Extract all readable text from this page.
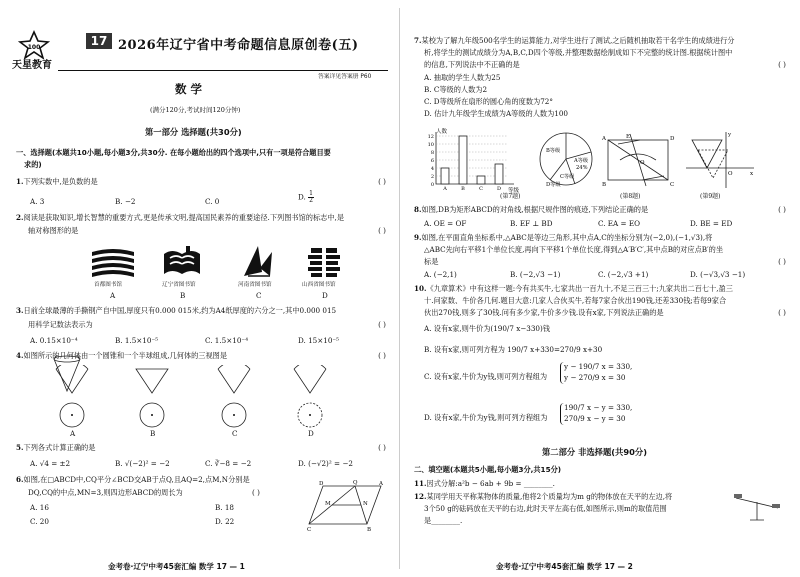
100
天星教育
17 2026年辽宁省中考命题信息原创卷(五)
答案详见答案册 P60
数 学
(满分120分,考试时间120分钟)
第一部分 选择题(共30分)
一、选择题(本题共10小题,每小题3分,共30分. 在每小题给出的四个选项中,只有一项是符合题目要
求的)
1.下列实数中,是负数的是	( )
A. 3	B. −2	C. 0	D. $\frac{1}{2}$
2.阅读是获取知识,增长智慧的重要方式,更是传承文明,提高国民素养的重要途径.下列图书馆的标志中,是
轴对称图形的是	( )
首都图书馆	辽宁省图书馆	河南省图书馆	山西省图书馆
A	B	C	D
3.日前全球最薄的手撕钢产自中国,厚度只有0.000 015米,约为A4纸厚度的六分之一,其中0.000 015
用科学记数法表示为	( )
A. 0.15×10⁻⁴	B. 1.5×10⁻⁵	C. 1.5×10⁻⁴	D. 15×10⁻⁵
4.如图所示的几何体由一个圆锥和一个半球组成,几何体的三视图是	( )
A	B	C	D
5.下列各式计算正确的是	( )
A. √4 = ±2	B. √(−2)² = −2	C. ∛−8 = −2	D. (−√2)² = −2
6.如图,在□ABCD中,CQ平分∠BCD交AB于点Q,且AQ=2,点M,N分别是
DQ,CQ的中点,MN=3,则四边形ABCD的周长为	( )
A. 16	B. 18
C. 20	D. 22
D	A
M	N
Q
B
C
金考卷·辽宁中考45套汇编 数学 17 — 1
7.某校为了解九年级500名学生的运算能力,对学生进行了测试,之后随机抽取若干名学生的成绩进行分
析,将学生的测试成绩分为A,B,C,D四个等级,并整理数据绘制成如下不完整的统计图.根据统计图中
的信息,下列说法中不正确的是	( )
A. 抽取的学生人数为25
B. C等级的人数为2
C. D等级所在扇形的圆心角的度数为72°
D. 估计九年级学生成绩为A等级的人数为100
人数
等级
0
2
4
6
8
10
12
A	B	C	D
B等级
A等级
24%
C等级
D等级
(第7题)
A	D
O
E
B	C
(第8题)
y
O	x
(第9题)
8.如图,DB为矩形ABCD的对角线,根据尺规作图的痕迹,下列结论正确的是	( )
A. OE = OF	B. EF ⊥ BD	C. EA = EO	D. BE = ED
9.如图,在平面直角坐标系中,△ABC是等边三角形,其中点A,C的坐标分别为(−2,0),(−1,√3),将
△ABC先向右平移1个单位长度,再向下平移1个单位长度,得到△A′B′C′,其中点B的对应点B′的坐
标是	( )
A. (−2,1)	B. (−2,√3 −1)	C. (−2,√3 +1)	D. (−√3,√3 −1)
10.《九章算术》中有这样一题:今有共买牛,七家共出一百九十,不足三百三十;九家共出二百七十,盈三
十.问家数、牛价各几何.题目大意:几家人合伙买牛,若每7家合伙出190钱,还差330钱;若每9家合
伙出270钱,则多了30钱.问有多少家,牛价多少钱.设有x家,下列说法正确的是	( )
A. 设有x家,则牛价为(190/7 x−330)钱
B. 设有x家,则可列方程为 190/7 x+330=270/9 x+30
C. 设有x家,牛价为y钱,则可列方程组为
y − 190/7 x = 330,
y − 270/9 x = 30
D. 设有x家,牛价为y钱,则可列方程组为
190/7 x − y = 330,
270/9 x − y = 30
第二部分 非选择题(共90分)
二、填空题(本题共5小题,每小题3分,共15分)
11.因式分解:a²b − 6ab + 9b = ________.
12.某同学用天平称某物体的质量,他将2个质量均为m g的物体放在天平的左边,将
3个50 g的砝码放在天平的右边,此时天平左高右低,如图所示,则m的取值范围
是________.
金考卷·辽宁中考45套汇编 数学 17 — 2
